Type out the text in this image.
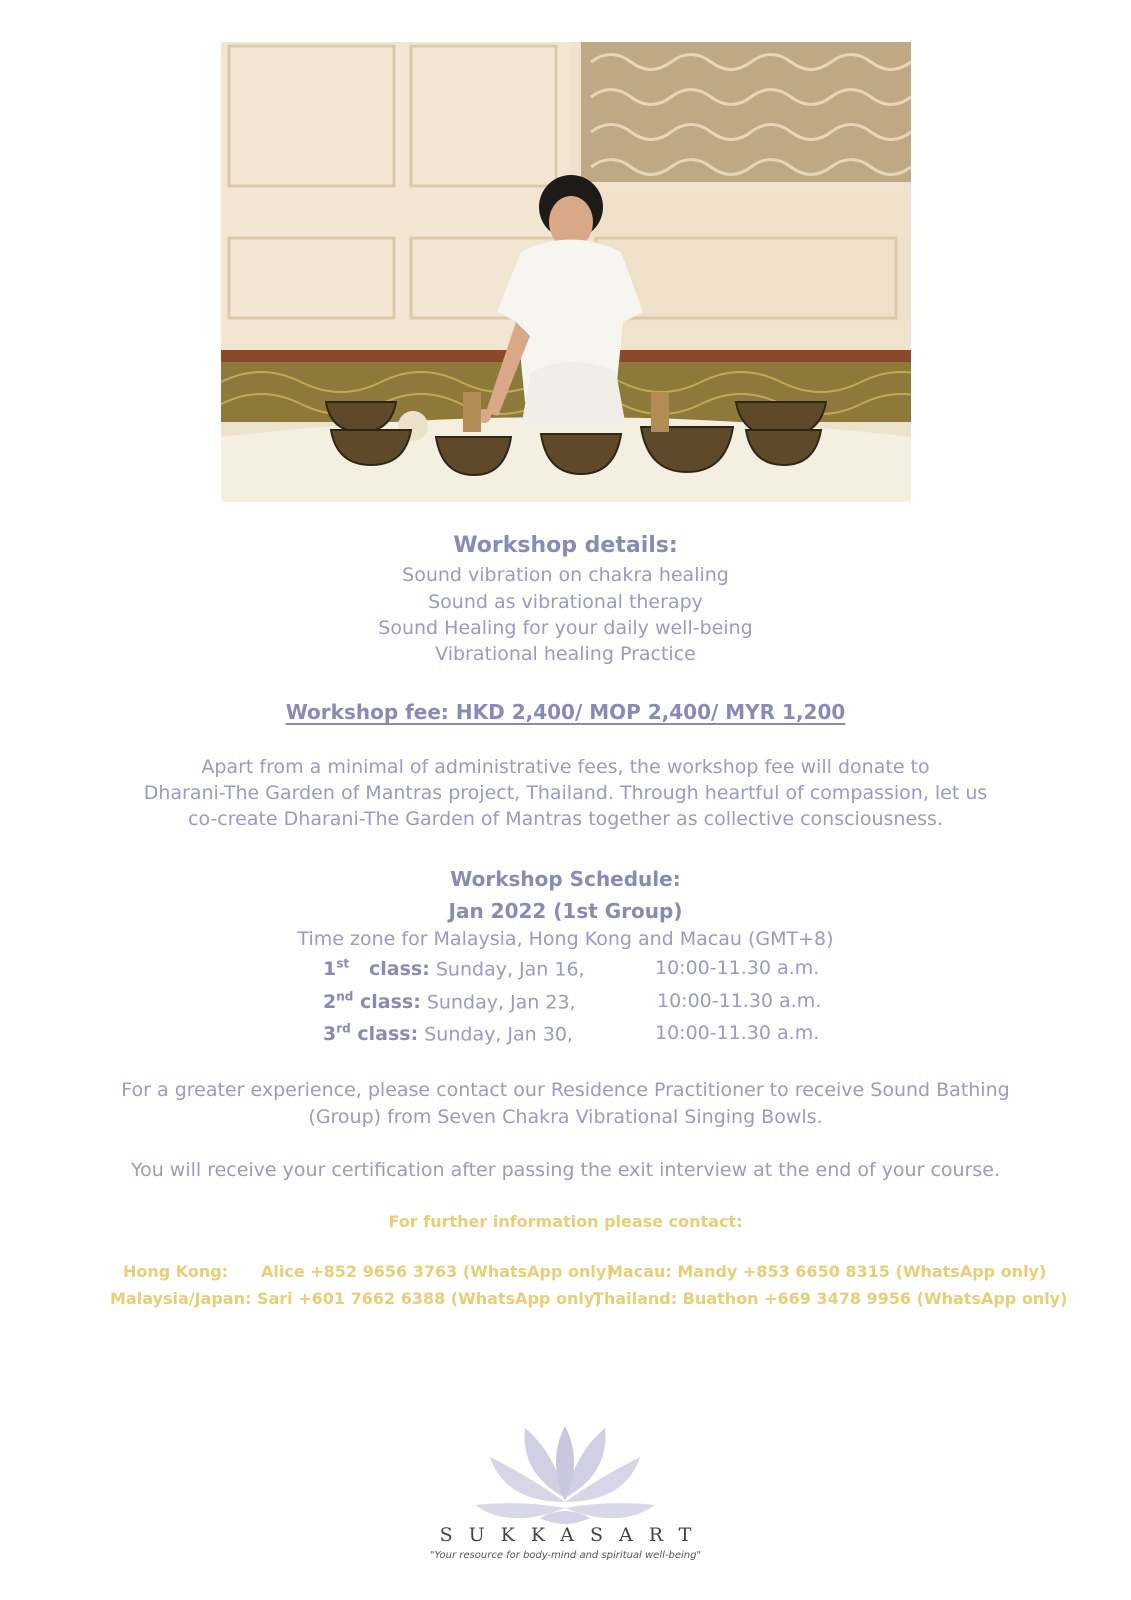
Workshop details:
Sound vibration on chakra healing
Sound as vibrational therapy
Sound Healing for your daily well-being
Vibrational healing Practice
Workshop fee: HKD 2,400/ MOP 2,400/ MYR 1,200
Apart from a minimal of administrative fees, the workshop fee will donate to
Dharani-The Garden of Mantras project, Thailand. Through heartful of compassion, let us
co-create Dharani-The Garden of Mantras together as collective consciousness.
Workshop Schedule:
Jan 2022 (1st Group)
Time zone for Malaysia, Hong Kong and Macau (GMT+8)
1st class: Sunday, Jan 16,	10:00-11.30 a.m.
2nd class: Sunday, Jan 23,	10:00-11.30 a.m.
3rd class: Sunday, Jan 30,	10:00-11.30 a.m.
For a greater experience, please contact our Residence Practitioner to receive Sound Bathing
(Group) from Seven Chakra Vibrational Singing Bowls.
You will receive your certification after passing the exit interview at the end of your course.
For further information please contact:
Hong Kong: Alice +852 9656 3763 (WhatsApp only)
Macau: Mandy +853 6650 8315 (WhatsApp only)
Malaysia/Japan: Sari +601 7662 6388 (WhatsApp only)
Thailand: Buathon +669 3478 9956 (WhatsApp only)
SUKKASART
"Your resource for body-mind and spiritual well-being"
